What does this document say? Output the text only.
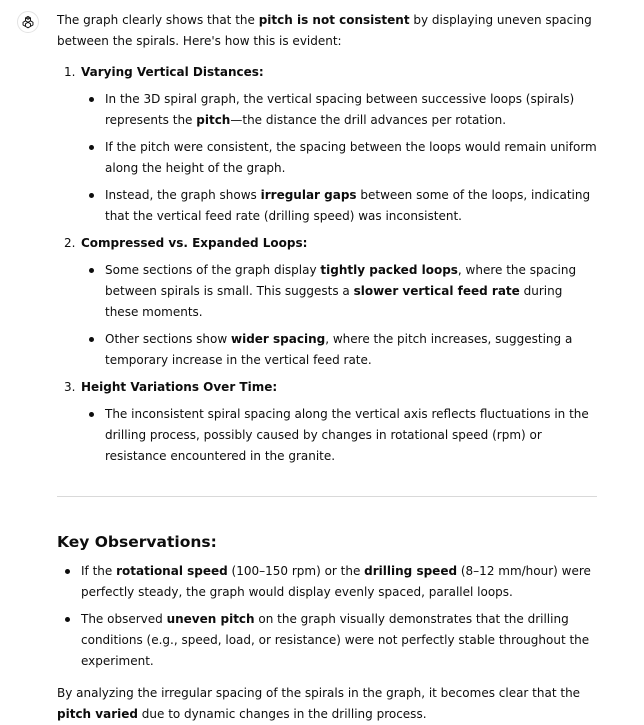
The graph clearly shows that the pitch is not consistent by displaying uneven spacing between the spirals. Here's how this is evident:

1. Varying Vertical Distances:
In the 3D spiral graph, the vertical spacing between successive loops (spirals) represents the pitch—the distance the drill advances per rotation.
If the pitch were consistent, the spacing between the loops would remain uniform along the height of the graph.
Instead, the graph shows irregular gaps between some of the loops, indicating that the vertical feed rate (drilling speed) was inconsistent.
2. Compressed vs. Expanded Loops:
Some sections of the graph display tightly packed loops, where the spacing between spirals is small. This suggests a slower vertical feed rate during these moments.
Other sections show wider spacing, where the pitch increases, suggesting a temporary increase in the vertical feed rate.
3. Height Variations Over Time:
The inconsistent spiral spacing along the vertical axis reflects fluctuations in the drilling process, possibly caused by changes in rotational speed (rpm) or resistance encountered in the granite.
Key Observations:
If the rotational speed (100–150 rpm) or the drilling speed (8–12 mm/hour) were perfectly steady, the graph would display evenly spaced, parallel loops.
The observed uneven pitch on the graph visually demonstrates that the drilling conditions (e.g., speed, load, or resistance) were not perfectly stable throughout the experiment.

By analyzing the irregular spacing of the spirals in the graph, it becomes clear that the pitch varied due to dynamic changes in the drilling process.
